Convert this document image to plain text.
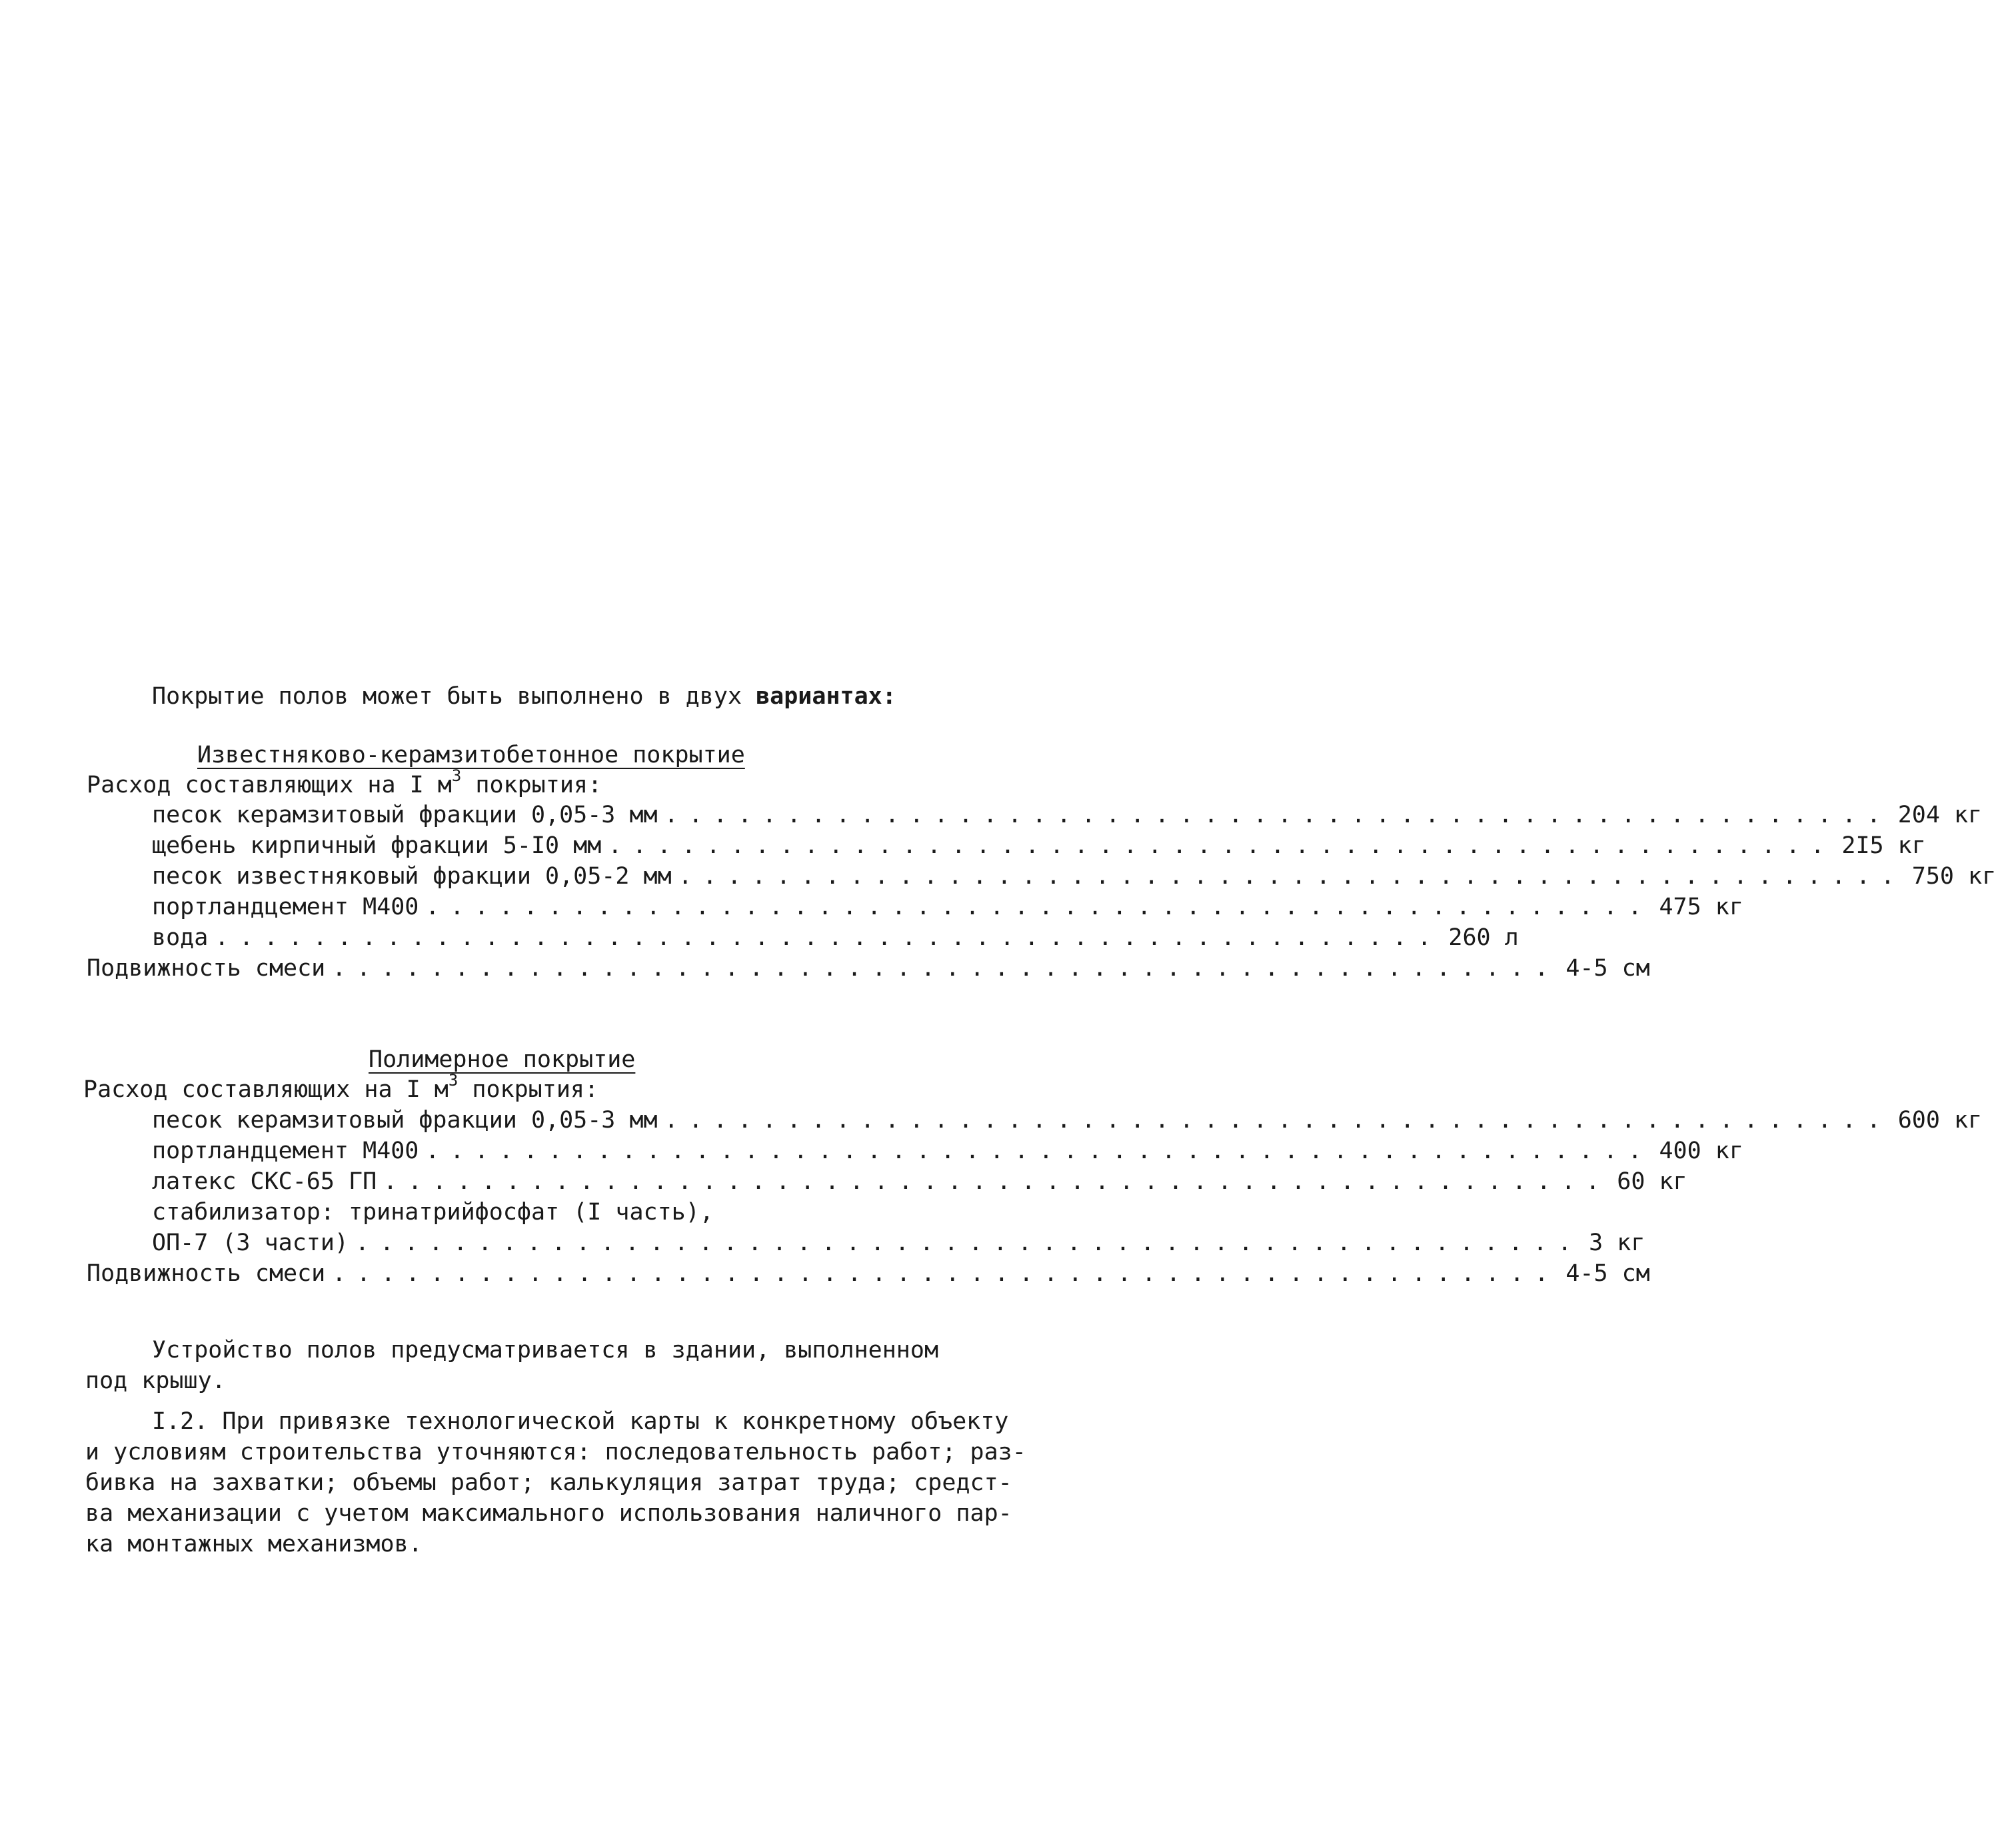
Покрытие полов может быть выполнено в двух вариантах:
Известняково-керамзитобетонное покрытие
Расход составляющих на I $м^3$ покрытия:
песок керамзитовый фракции 0,05-3 мм .................................................. 204 кг
щебень кирпичный фракции 5-I0 мм .................................................. 2I5 кг
песок известняковый фракции 0,05-2 мм .................................................. 750 кг
портландцемент М400 .................................................. 475 кг
вода .................................................. 260 л
Подвижность смеси .................................................. 4-5 см
Полимерное покрытие
Расход составляющих на I $м^3$ покрытия:
песок керамзитовый фракции 0,05-3 мм .................................................. 600 кг
портландцемент М400 .................................................. 400 кг
латекс СКС-65 ГП .................................................. 60 кг
стабилизатор: тринатрийфосфат (I часть),
ОП-7 (3 части) .................................................. 3 кг
Подвижность смеси .................................................. 4-5 см
Устройство полов предусматривается в здании, выполненном
под крышу.
I.2. При привязке технологической карты к конкретному объекту
и условиям строительства уточняются: последовательность работ; раз-
бивка на захватки; объемы работ; калькуляция затрат труда; средст-
ва механизации с учетом максимального использования наличного пар-
ка монтажных механизмов.
